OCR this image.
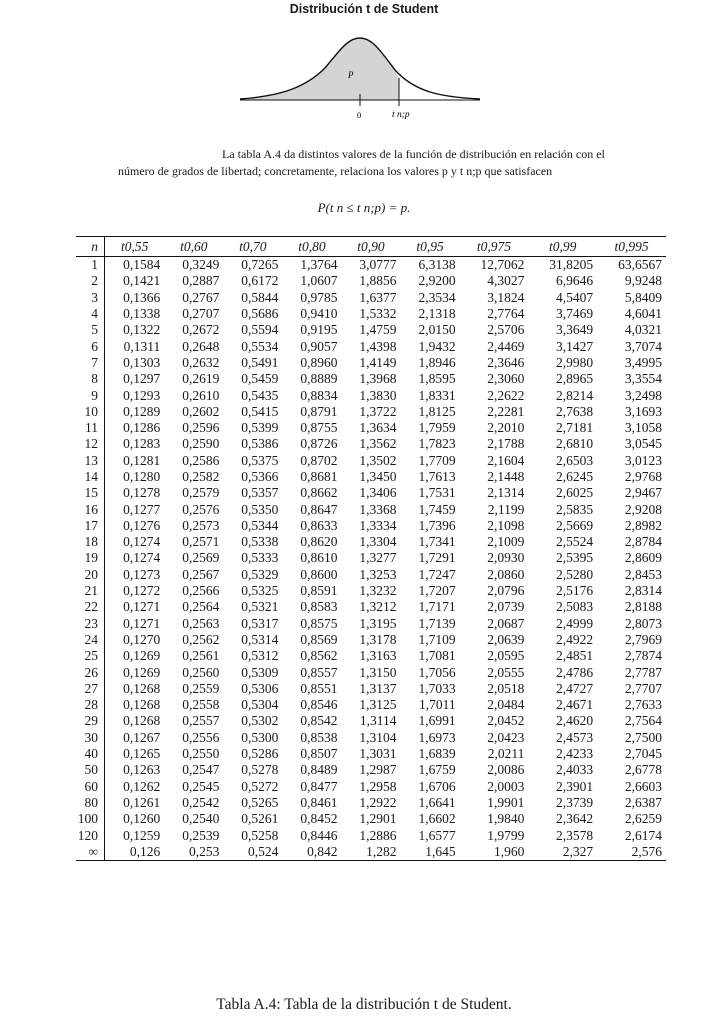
Distribución t de Student
P
0	t n;p

La tabla A.4 da distintos valores de la función de distribución en relación con el número de grados de libertad; concretamente, relaciona los valores p y t n;p que satisfacen

P(t n ≤ t n;p) = p.
n	t0,55	t0,60	t0,70	t0,80	t0,90	t0,95	t0,975	t0,99	t0,995
1	0,1584	0,3249	0,7265	1,3764	3,0777	6,3138	12,7062	31,8205	63,6567
2	0,1421	0,2887	0,6172	1,0607	1,8856	2,9200	4,3027	6,9646	9,9248
3	0,1366	0,2767	0,5844	0,9785	1,6377	2,3534	3,1824	4,5407	5,8409
4	0,1338	0,2707	0,5686	0,9410	1,5332	2,1318	2,7764	3,7469	4,6041
5	0,1322	0,2672	0,5594	0,9195	1,4759	2,0150	2,5706	3,3649	4,0321
6	0,1311	0,2648	0,5534	0,9057	1,4398	1,9432	2,4469	3,1427	3,7074
7	0,1303	0,2632	0,5491	0,8960	1,4149	1,8946	2,3646	2,9980	3,4995
8	0,1297	0,2619	0,5459	0,8889	1,3968	1,8595	2,3060	2,8965	3,3554
9	0,1293	0,2610	0,5435	0,8834	1,3830	1,8331	2,2622	2,8214	3,2498
10	0,1289	0,2602	0,5415	0,8791	1,3722	1,8125	2,2281	2,7638	3,1693
11	0,1286	0,2596	0,5399	0,8755	1,3634	1,7959	2,2010	2,7181	3,1058
12	0,1283	0,2590	0,5386	0,8726	1,3562	1,7823	2,1788	2,6810	3,0545
13	0,1281	0,2586	0,5375	0,8702	1,3502	1,7709	2,1604	2,6503	3,0123
14	0,1280	0,2582	0,5366	0,8681	1,3450	1,7613	2,1448	2,6245	2,9768
15	0,1278	0,2579	0,5357	0,8662	1,3406	1,7531	2,1314	2,6025	2,9467
16	0,1277	0,2576	0,5350	0,8647	1,3368	1,7459	2,1199	2,5835	2,9208
17	0,1276	0,2573	0,5344	0,8633	1,3334	1,7396	2,1098	2,5669	2,8982
18	0,1274	0,2571	0,5338	0,8620	1,3304	1,7341	2,1009	2,5524	2,8784
19	0,1274	0,2569	0,5333	0,8610	1,3277	1,7291	2,0930	2,5395	2,8609
20	0,1273	0,2567	0,5329	0,8600	1,3253	1,7247	2,0860	2,5280	2,8453
21	0,1272	0,2566	0,5325	0,8591	1,3232	1,7207	2,0796	2,5176	2,8314
22	0,1271	0,2564	0,5321	0,8583	1,3212	1,7171	2,0739	2,5083	2,8188
23	0,1271	0,2563	0,5317	0,8575	1,3195	1,7139	2,0687	2,4999	2,8073
24	0,1270	0,2562	0,5314	0,8569	1,3178	1,7109	2,0639	2,4922	2,7969
25	0,1269	0,2561	0,5312	0,8562	1,3163	1,7081	2,0595	2,4851	2,7874
26	0,1269	0,2560	0,5309	0,8557	1,3150	1,7056	2,0555	2,4786	2,7787
27	0,1268	0,2559	0,5306	0,8551	1,3137	1,7033	2,0518	2,4727	2,7707
28	0,1268	0,2558	0,5304	0,8546	1,3125	1,7011	2,0484	2,4671	2,7633
29	0,1268	0,2557	0,5302	0,8542	1,3114	1,6991	2,0452	2,4620	2,7564
30	0,1267	0,2556	0,5300	0,8538	1,3104	1,6973	2,0423	2,4573	2,7500
40	0,1265	0,2550	0,5286	0,8507	1,3031	1,6839	2,0211	2,4233	2,7045
50	0,1263	0,2547	0,5278	0,8489	1,2987	1,6759	2,0086	2,4033	2,6778
60	0,1262	0,2545	0,5272	0,8477	1,2958	1,6706	2,0003	2,3901	2,6603
80	0,1261	0,2542	0,5265	0,8461	1,2922	1,6641	1,9901	2,3739	2,6387
100	0,1260	0,2540	0,5261	0,8452	1,2901	1,6602	1,9840	2,3642	2,6259
120	0,1259	0,2539	0,5258	0,8446	1,2886	1,6577	1,9799	2,3578	2,6174
∞	0,126	0,253	0,524	0,842	1,282	1,645	1,960	2,327	2,576
Tabla A.4: Tabla de la distribución t de Student.
